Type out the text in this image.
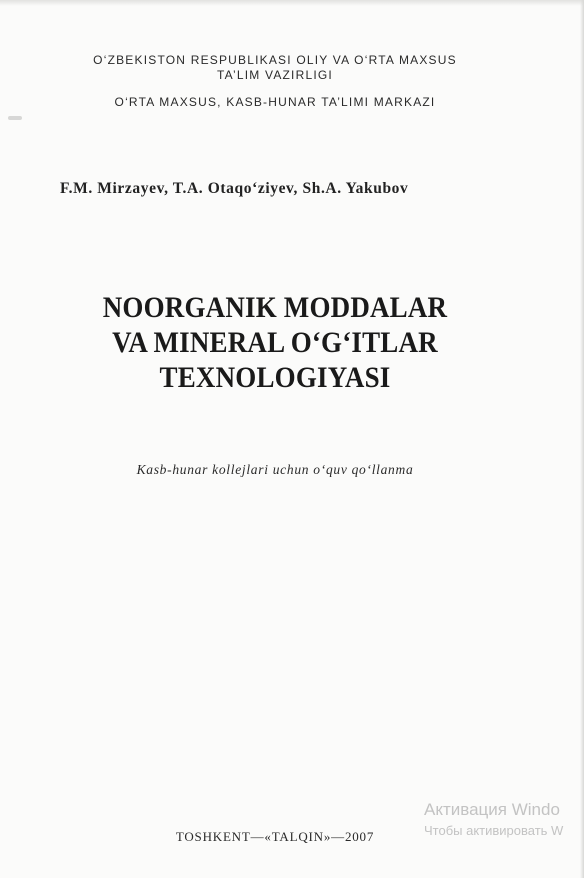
O‘ZBEKISTON RESPUBLIKASI OLIY VA O‘RTA MAXSUS

TA’LIM VAZIRLIGI

O‘RTA MAXSUS, KASB-HUNAR TA’LIMI MARKAZI

F.M. Mirzayev, T.A. Otaqo‘ziyev, Sh.A. Yakubov

NOORGANIK MODDALAR
VA MINERAL O‘G‘ITLAR
TEXNOLOGIYASI

Kasb-hunar kollejlari uchun o‘quv qo‘llanma

TOSHKENT—«TALQIN»—2007

Активация Windo

Чтобы активировать W
